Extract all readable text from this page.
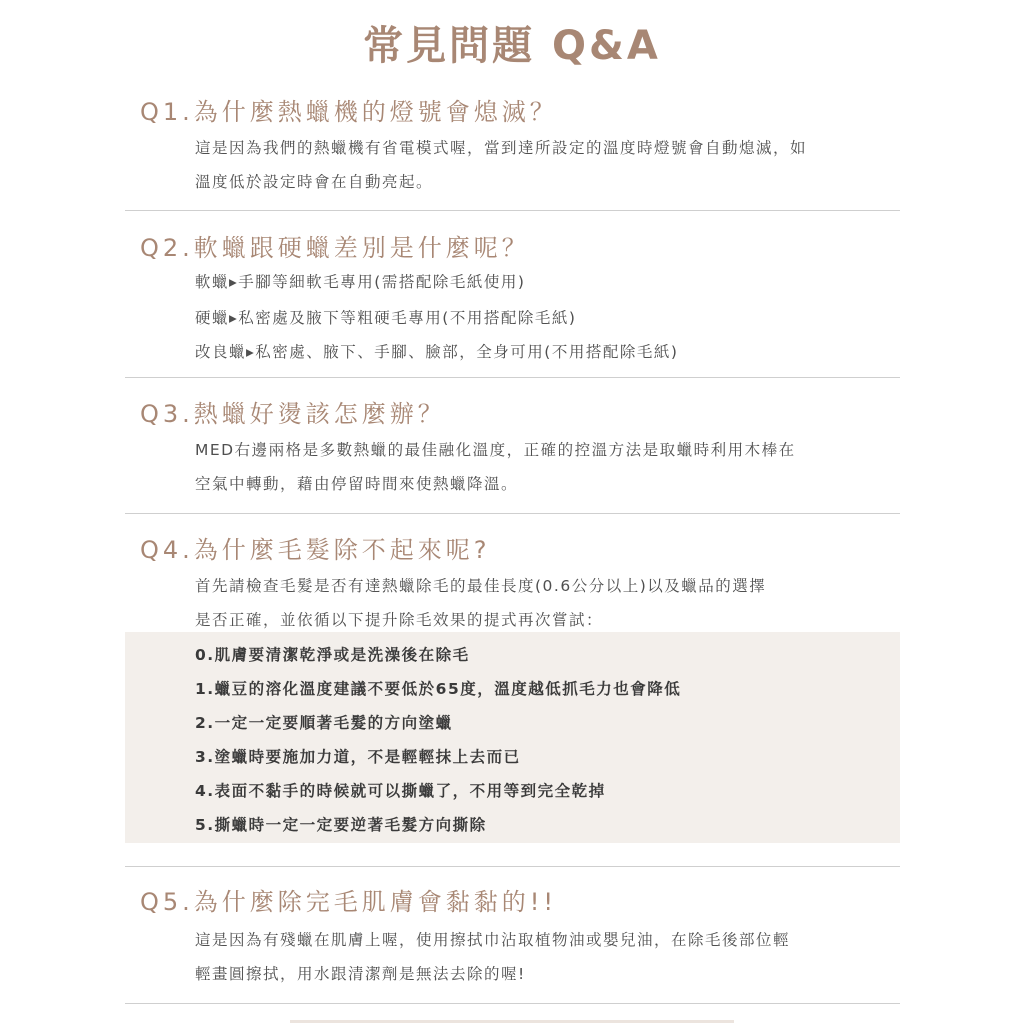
常見問題 Q&A
Q1.為什麼熱蠟機的燈號會熄滅？
這是因為我們的熱蠟機有省電模式喔，當到達所設定的溫度時燈號會自動熄滅，如
溫度低於設定時會在自動亮起。
Q2.軟蠟跟硬蠟差別是什麼呢？
軟蠟▸手腳等細軟毛專用(需搭配除毛紙使用)
硬蠟▸私密處及腋下等粗硬毛專用(不用搭配除毛紙)
改良蠟▸私密處、腋下、手腳、臉部，全身可用(不用搭配除毛紙)
Q3.熱蠟好燙該怎麼辦？
MED右邊兩格是多數熱蠟的最佳融化溫度，正確的控溫方法是取蠟時利用木棒在
空氣中轉動，藉由停留時間來使熱蠟降溫。
Q4.為什麼毛髮除不起來呢?
首先請檢查毛髮是否有達熱蠟除毛的最佳長度(0.6公分以上)以及蠟品的選擇
是否正確，並依循以下提升除毛效果的提式再次嘗試：
0.肌膚要清潔乾淨或是洗澡後在除毛
1.蠟豆的溶化溫度建議不要低於65度，溫度越低抓毛力也會降低
2.一定一定要順著毛髮的方向塗蠟
3.塗蠟時要施加力道，不是輕輕抹上去而已
4.表面不黏手的時候就可以撕蠟了，不用等到完全乾掉
5.撕蠟時一定一定要逆著毛髮方向撕除
Q5.為什麼除完毛肌膚會黏黏的!!
這是因為有殘蠟在肌膚上喔，使用擦拭巾沾取植物油或嬰兒油，在除毛後部位輕
輕畫圓擦拭，用水跟清潔劑是無法去除的喔!
